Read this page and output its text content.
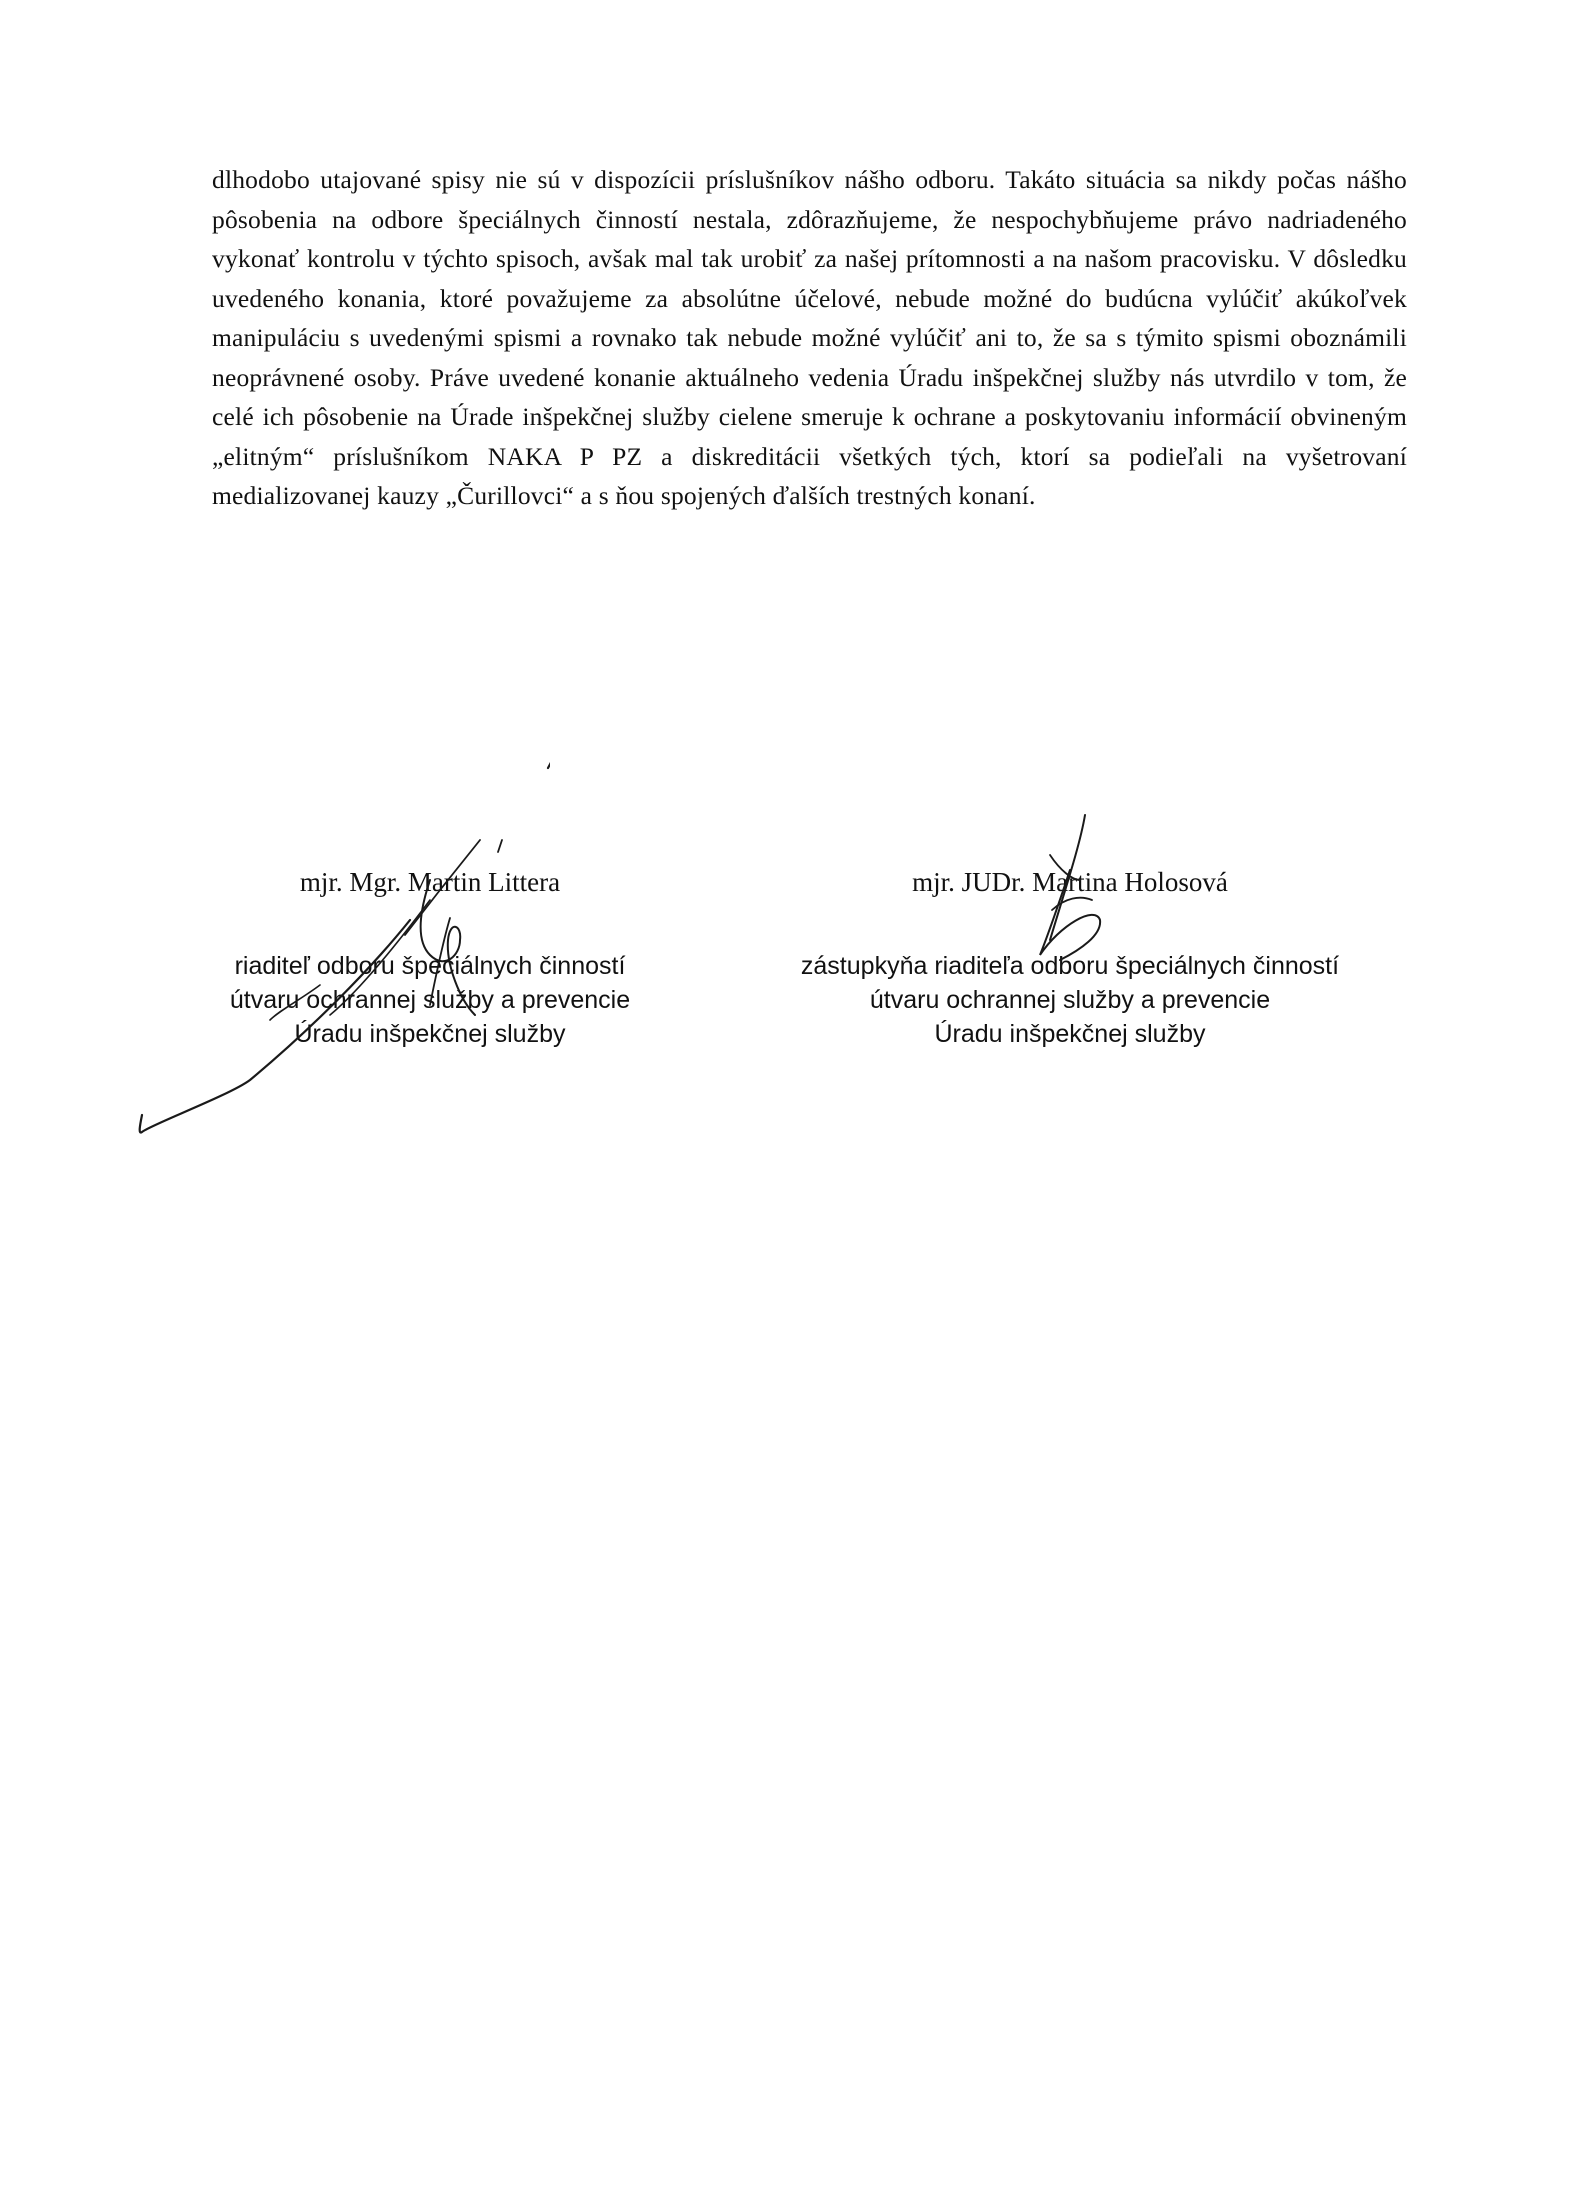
dlhodobo utajované spisy nie sú v dispozícii príslušníkov nášho odboru. Takáto situácia sa nikdy počas nášho pôsobenia na odbore špeciálnych činností nestala, zdôrazňujeme, že nespochybňujeme právo nadriadeného vykonať kontrolu v týchto spisoch, avšak mal tak urobiť za našej prítomnosti a na našom pracovisku. V dôsledku uvedeného konania, ktoré považujeme za absolútne účelové, nebude možné do budúcna vylúčiť akúkoľvek manipuláciu s uvedenými spismi a rovnako tak nebude možné vylúčiť ani to, že sa s týmito spismi oboznámili neoprávnené osoby. Práve uvedené konanie aktuálneho vedenia Úradu inšpekčnej služby nás utvrdilo v tom, že celé ich pôsobenie na Úrade inšpekčnej služby cielene smeruje k ochrane a poskytovaniu informácií obvineným „elitným“ príslušníkom NAKA P PZ a diskreditácii všetkých tých, ktorí sa podieľali na vyšetrovaní medializovanej kauzy „Čurillovci“ a s ňou spojených ďalších trestných konaní.

mjr. Mgr. Martin Littera
riaditeľ odboru špeciálnych činností
útvaru ochrannej služby a prevencie
Úradu inšpekčnej služby
mjr. JUDr. Martina Holosová
zástupkyňa riaditeľa odboru špeciálnych činností
útvaru ochrannej služby a prevencie
Úradu inšpekčnej služby
